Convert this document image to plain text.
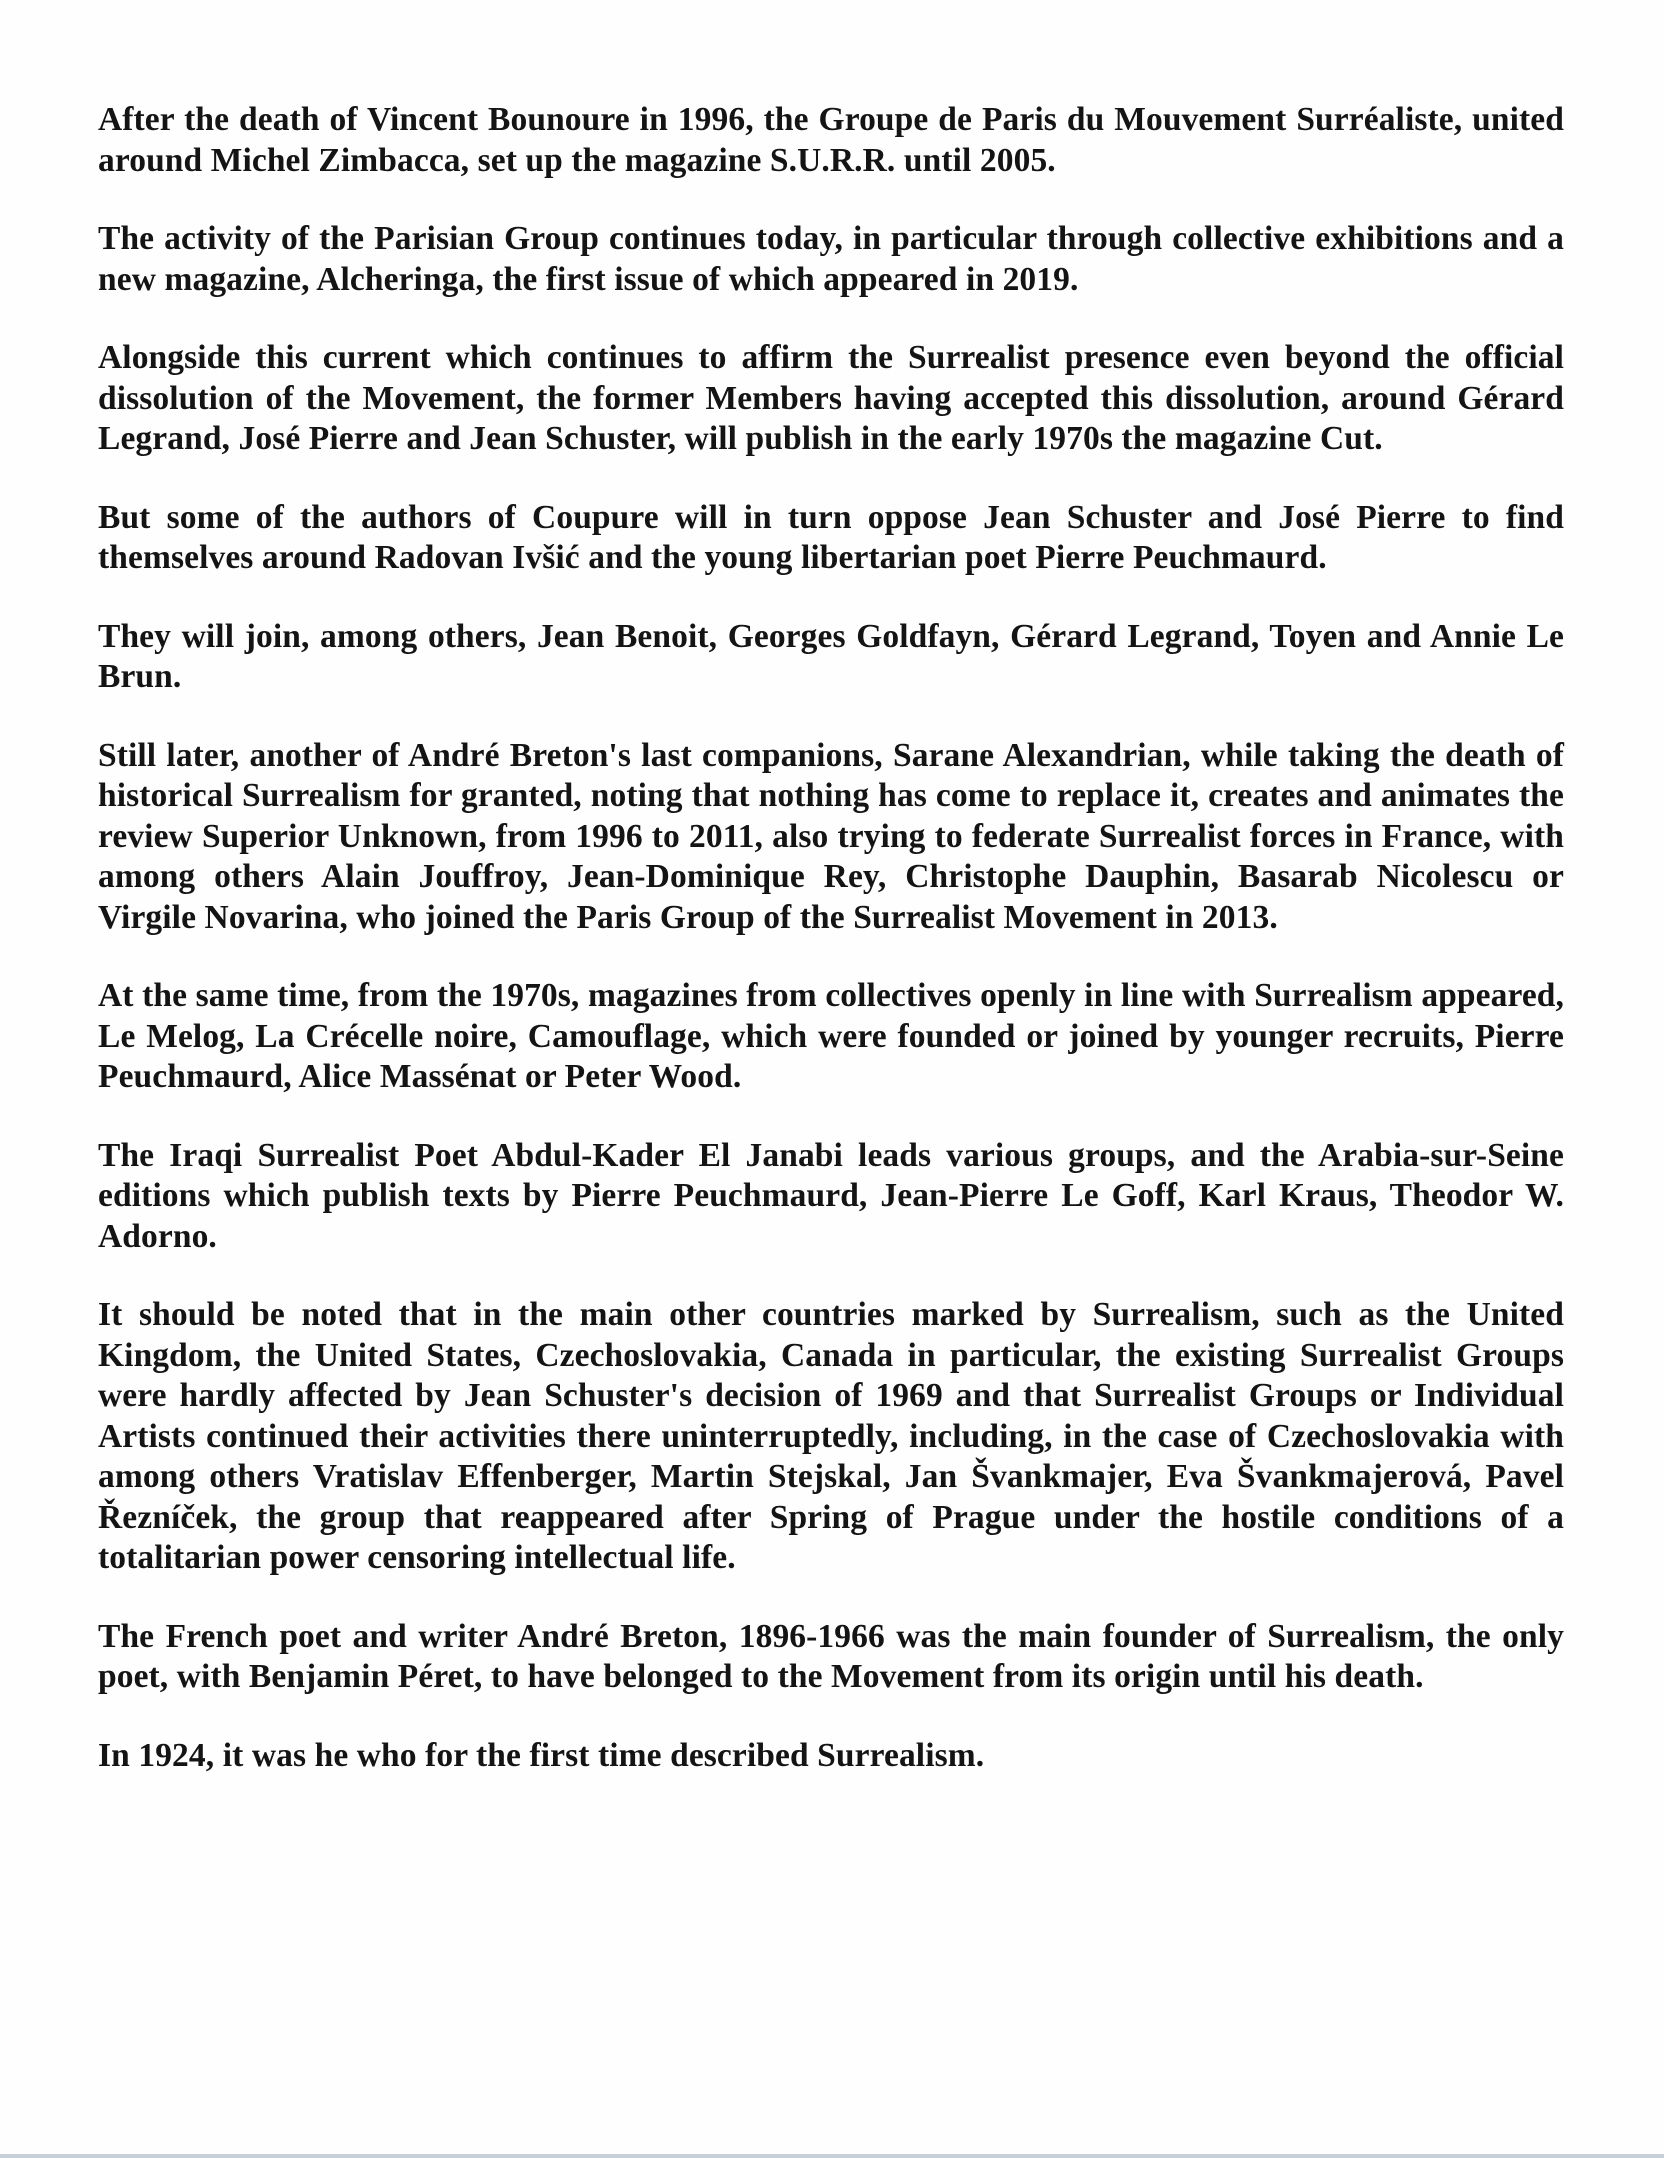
After the death of Vincent Bounoure in 1996, the Groupe de Paris du Mouvement Surréaliste, united around Michel Zimbacca, set up the magazine S.U.R.R. until 2005.

The activity of the Parisian Group continues today, in particular through collective exhibitions and a new magazine, Alcheringa, the first issue of which appeared in 2019.

Alongside this current which continues to affirm the Surrealist presence even beyond the official dissolution of the Movement, the former Members having accepted this dissolution, around Gérard Legrand, José Pierre and Jean Schuster, will publish in the early 1970s the magazine Cut.

But some of the authors of Coupure will in turn oppose Jean Schuster and José Pierre to find themselves around Radovan Ivšić and the young libertarian poet Pierre Peuchmaurd.

They will join, among others, Jean Benoit, Georges Goldfayn, Gérard Legrand, Toyen and Annie Le Brun.

Still later, another of André Breton's last companions, Sarane Alexandrian, while taking the death of historical Surrealism for granted, noting that nothing has come to replace it, creates and animates the review Superior Unknown, from 1996 to 2011, also trying to federate Surrealist forces in France, with among others Alain Jouffroy, Jean-Dominique Rey, Christophe Dauphin, Basarab Nicolescu or Virgile Novarina, who joined the Paris Group of the Surrealist Movement in 2013.

At the same time, from the 1970s, magazines from collectives openly in line with Surrealism appeared, Le Melog, La Crécelle noire, Camouflage, which were founded or joined by younger recruits, Pierre Peuchmaurd, Alice Massénat or Peter Wood.

The Iraqi Surrealist Poet Abdul-Kader El Janabi leads various groups, and the Arabia-sur-Seine editions which publish texts by Pierre Peuchmaurd, Jean-Pierre Le Goff, Karl Kraus, Theodor W. Adorno.

It should be noted that in the main other countries marked by Surrealism, such as the United Kingdom, the United States, Czechoslovakia, Canada in particular, the existing Surrealist Groups were hardly affected by Jean Schuster's decision of 1969 and that Surrealist Groups or Individual Artists continued their activities there uninterruptedly, including, in the case of Czechoslovakia with among others Vratislav Effenberger, Martin Stejskal, Jan Švankmajer, Eva Švankmajerová, Pavel Řezníček, the group that reappeared after Spring of Prague under the hostile conditions of a totalitarian power censoring intellectual life.

The French poet and writer André Breton, 1896-1966 was the main founder of Surrealism, the only poet, with Benjamin Péret, to have belonged to the Movement from its origin until his death.

In 1924, it was he who for the first time described Surrealism.
